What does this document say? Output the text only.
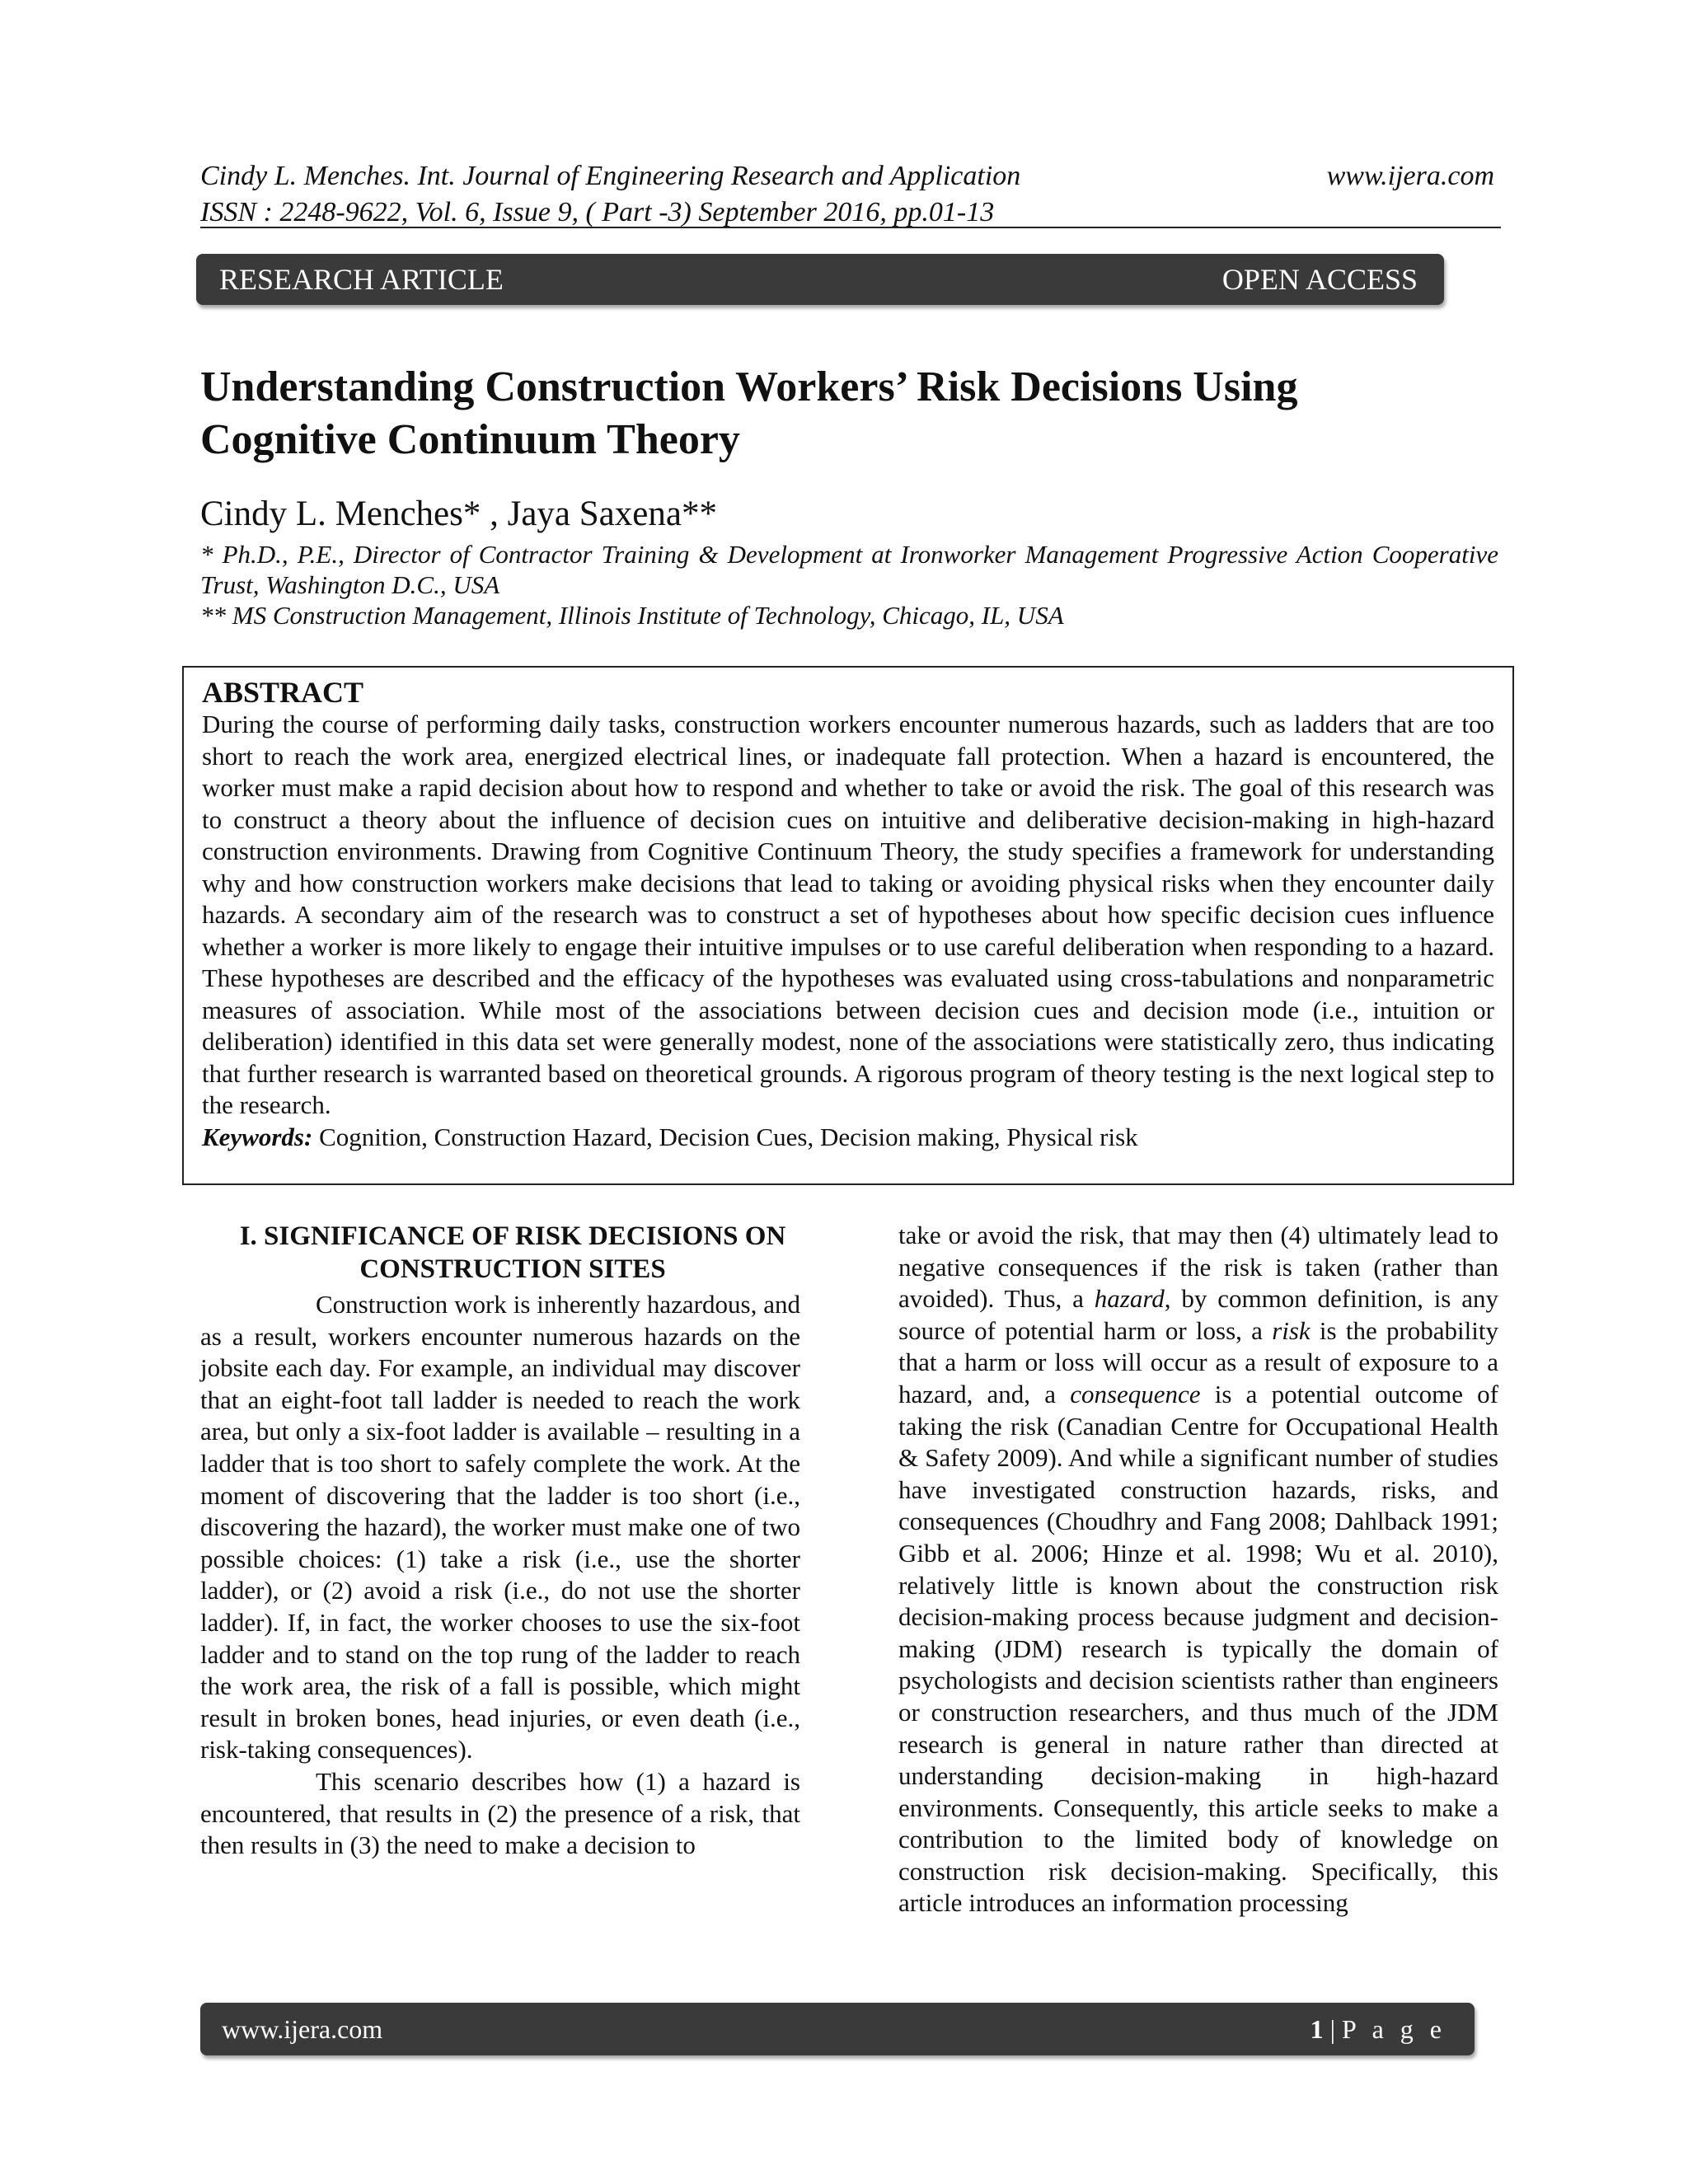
Cindy L. Menches. Int. Journal of Engineering Research and Application	www.ijera.com
ISSN : 2248-9622, Vol. 6, Issue 9, ( Part -3) September 2016, pp.01-13
RESEARCH ARTICLE	OPEN ACCESS
Understanding Construction Workers’ Risk Decisions Using
Cognitive Continuum Theory
Cindy L. Menches* , Jaya Saxena**

* Ph.D., P.E., Director of Contractor Training & Development at Ironworker Management Progressive Action Cooperative Trust, Washington D.C., USA

** MS Construction Management, Illinois Institute of Technology, Chicago, IL, USA

ABSTRACT

During the course of performing daily tasks, construction workers encounter numerous hazards, such as ladders that are too short to reach the work area, energized electrical lines, or inadequate fall protection. When a hazard is encountered, the worker must make a rapid decision about how to respond and whether to take or avoid the risk. The goal of this research was to construct a theory about the influence of decision cues on intuitive and deliberative decision-making in high-hazard construction environments. Drawing from Cognitive Continuum Theory, the study specifies a framework for understanding why and how construction workers make decisions that lead to taking or avoiding physical risks when they encounter daily hazards. A secondary aim of the research was to construct a set of hypotheses about how specific decision cues influence whether a worker is more likely to engage their intuitive impulses or to use careful deliberation when responding to a hazard. These hypotheses are described and the efficacy of the hypotheses was evaluated using cross-tabulations and nonparametric measures of association. While most of the associations between decision cues and decision mode (i.e., intuition or deliberation) identified in this data set were generally modest, none of the associations were statistically zero, thus indicating that further research is warranted based on theoretical grounds. A rigorous program of theory testing is the next logical step to the research.

Keywords: Cognition, Construction Hazard, Decision Cues, Decision making, Physical risk

I. SIGNIFICANCE OF RISK DECISIONS ON CONSTRUCTION SITES

Construction work is inherently hazardous, and as a result, workers encounter numerous hazards on the jobsite each day. For example, an individual may discover that an eight-foot tall ladder is needed to reach the work area, but only a six-foot ladder is available – resulting in a ladder that is too short to safely complete the work. At the moment of discovering that the ladder is too short (i.e., discovering the hazard), the worker must make one of two possible choices: (1) take a risk (i.e., use the shorter ladder), or (2) avoid a risk (i.e., do not use the shorter ladder). If, in fact, the worker chooses to use the six-foot ladder and to stand on the top rung of the ladder to reach the work area, the risk of a fall is possible, which might result in broken bones, head injuries, or even death (i.e., risk-taking consequences).

This scenario describes how (1) a hazard is encountered, that results in (2) the presence of a risk, that then results in (3) the need to make a decision to

take or avoid the risk, that may then (4) ultimately lead to negative consequences if the risk is taken (rather than avoided). Thus, a hazard, by common definition, is any source of potential harm or loss, a risk is the probability that a harm or loss will occur as a result of exposure to a hazard, and, a consequence is a potential outcome of taking the risk (Canadian Centre for Occupational Health & Safety 2009). And while a significant number of studies have investigated construction hazards, risks, and consequences (Choudhry and Fang 2008; Dahlback 1991; Gibb et al. 2006; Hinze et al. 1998; Wu et al. 2010), relatively little is known about the construction risk decision-making process because judgment and decision-making (JDM) research is typically the domain of psychologists and decision scientists rather than engineers or construction researchers, and thus much of the JDM research is general in nature rather than directed at understanding decision-making in high-hazard environments. Consequently, this article seeks to make a contribution to the limited body of knowledge on construction risk decision-making. Specifically, this article introduces an information processing

www.ijera.com	1 | P a g e
